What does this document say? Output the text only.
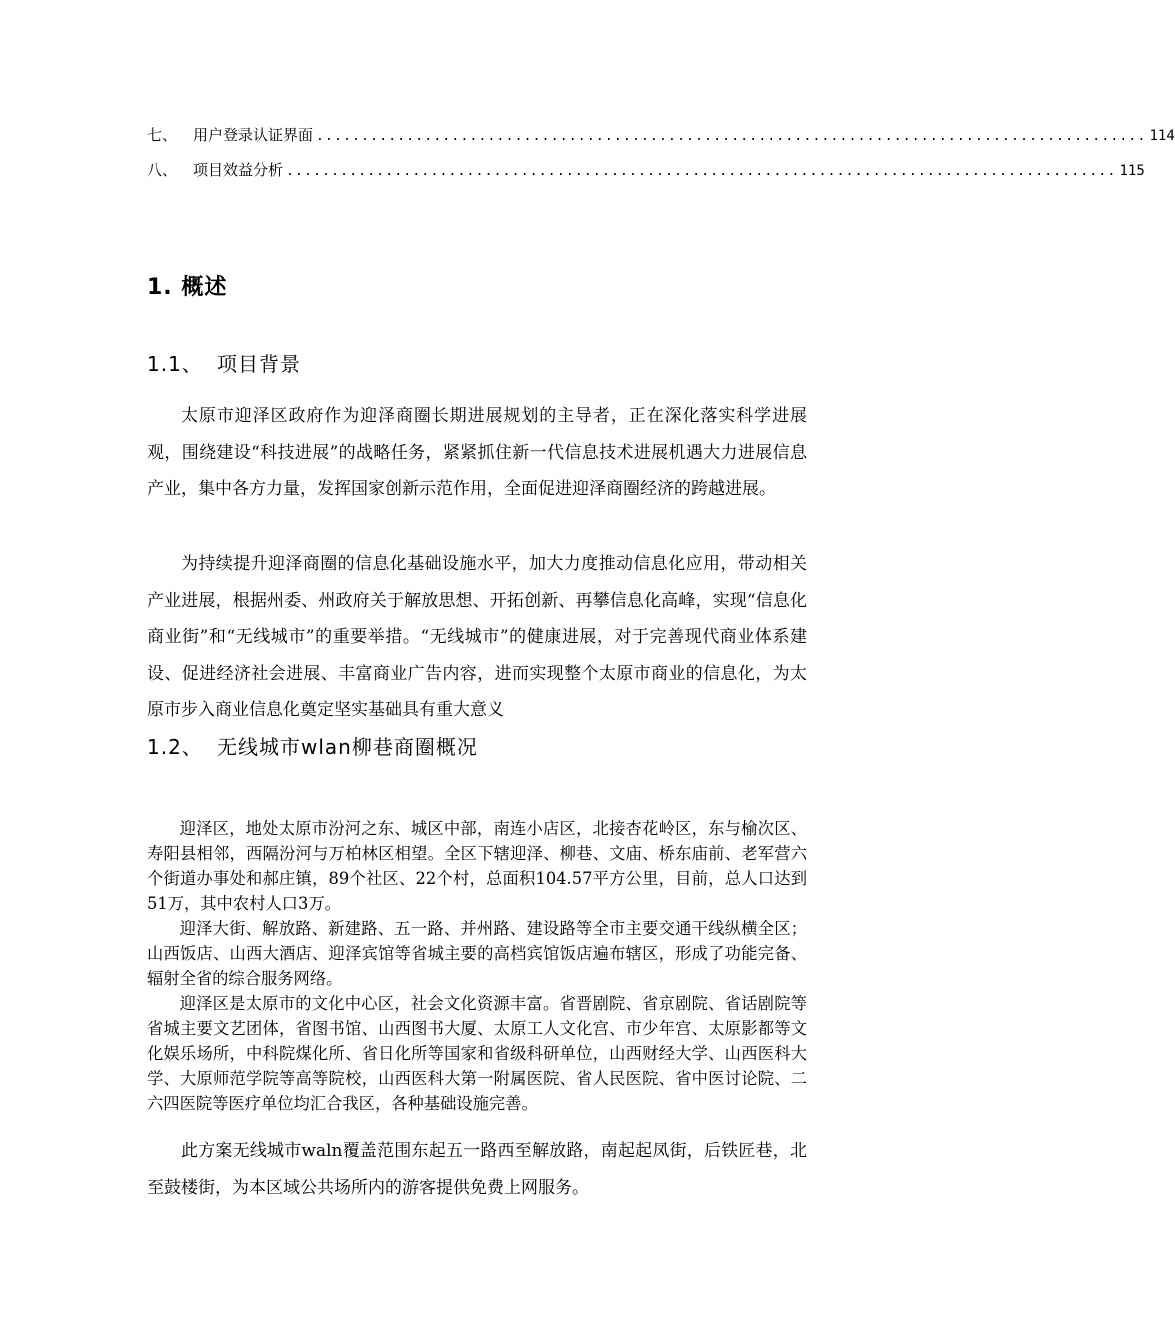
七、	用户登录认证界面 ............................................................................................ 114
八、	项目效益分析 ............................................................................................ 115
1. 概述
1.1、 项目背景

太原市迎泽区政府作为迎泽商圈长期进展规划的主导者，正在深化落实科学进展观，围绕建设“科技进展”的战略任务，紧紧抓住新一代信息技术进展机遇大力进展信息产业，集中各方力量，发挥国家创新示范作用，全面促进迎泽商圈经济的跨越进展。

为持续提升迎泽商圈的信息化基础设施水平，加大力度推动信息化应用，带动相关产业进展，根据州委、州政府关于解放思想、开拓创新、再攀信息化高峰，实现“信息化商业街”和“无线城市”的重要举措。“无线城市”的健康进展，对于完善现代商业体系建设、促进经济社会进展、丰富商业广告内容，进而实现整个太原市商业的信息化，为太原市步入商业信息化奠定坚实基础具有重大意义

1.2、 无线城市wlan柳巷商圈概况

迎泽区，地处太原市汾河之东、城区中部，南连小店区，北接杏花岭区，东与榆次区、寿阳县相邻，西隔汾河与万柏林区相望。全区下辖迎泽、柳巷、文庙、桥东庙前、老军营六个街道办事处和郝庄镇，89个社区、22个村，总面积104.57平方公里，目前，总人口达到51万，其中农村人口3万。

迎泽大街、解放路、新建路、五一路、并州路、建设路等全市主要交通干线纵横全区；山西饭店、山西大酒店、迎泽宾馆等省城主要的高档宾馆饭店遍布辖区，形成了功能完备、辐射全省的综合服务网络。

迎泽区是太原市的文化中心区，社会文化资源丰富。省晋剧院、省京剧院、省话剧院等省城主要文艺团体，省图书馆、山西图书大厦、太原工人文化宫、市少年宫、太原影都等文化娱乐场所，中科院煤化所、省日化所等国家和省级科研单位，山西财经大学、山西医科大学、大原师范学院等高等院校，山西医科大第一附属医院、省人民医院、省中医讨论院、二六四医院等医疗单位均汇合我区，各种基础设施完善。

此方案无线城市waln覆盖范围东起五一路西至解放路，南起起凤街，后铁匠巷，北至鼓楼街，为本区域公共场所内的游客提供免费上网服务。
